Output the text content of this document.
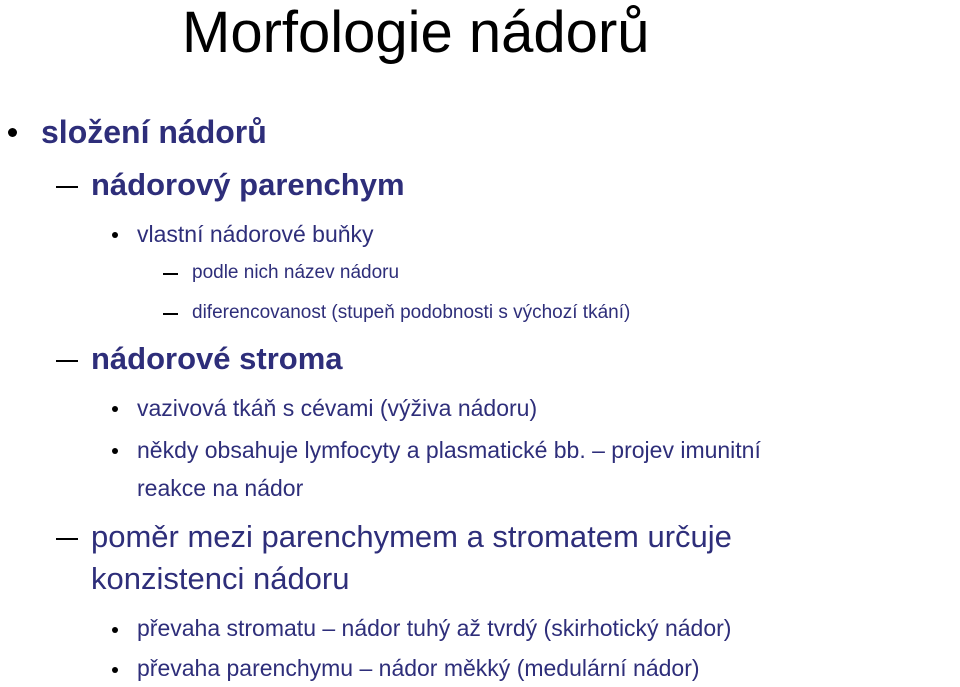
Morfologie nádorů
složení nádorů
nádorový parenchym
vlastní nádorové buňky
podle nich název nádoru
diferencovanost (stupeň podobnosti s výchozí tkání)
nádorové stroma
vazivová tkáň s cévami (výživa nádoru)
někdy obsahuje lymfocyty a plasmatické bb. – projev imunitní
reakce na nádor
poměr mezi parenchymem a stromatem určuje
konzistenci nádoru
převaha stromatu – nádor tuhý až tvrdý (skirhotický nádor)
převaha parenchymu – nádor měkký (medulární nádor)
